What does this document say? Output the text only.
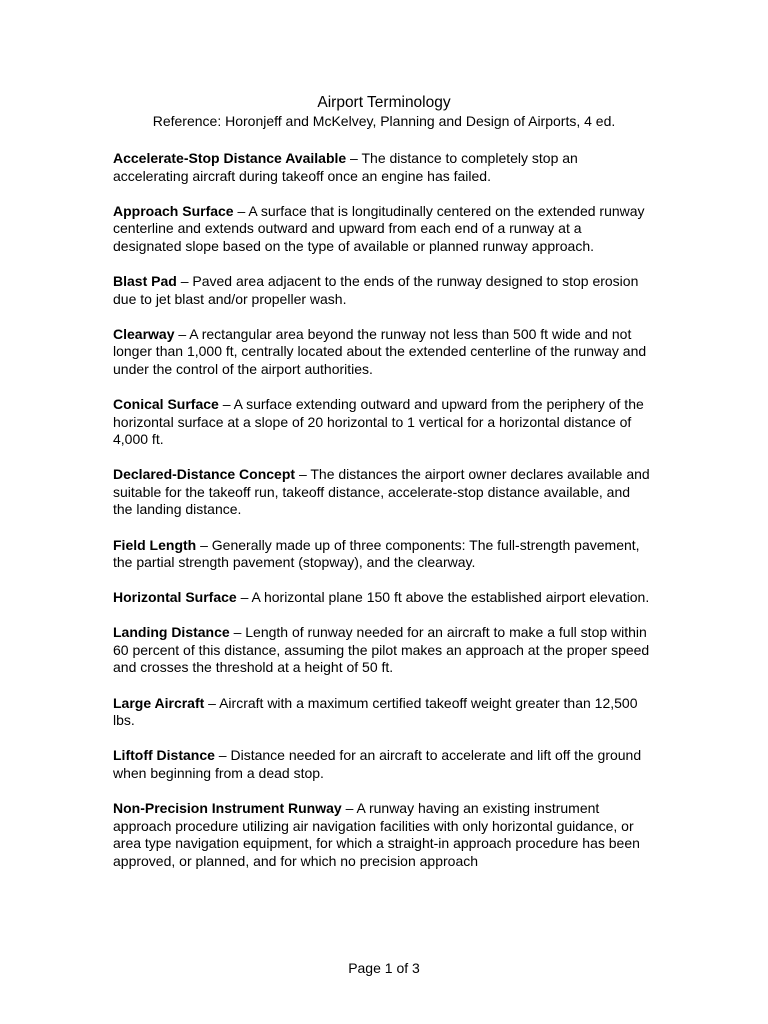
Airport Terminology
Reference: Horonjeff and McKelvey, Planning and Design of Airports, 4 ed.

Accelerate-Stop Distance Available – The distance to completely stop an accelerating aircraft during takeoff once an engine has failed.

Approach Surface – A surface that is longitudinally centered on the extended runway centerline and extends outward and upward from each end of a runway at a designated slope based on the type of available or planned runway approach.

Blast Pad – Paved area adjacent to the ends of the runway designed to stop erosion due to jet blast and/or propeller wash.

Clearway – A rectangular area beyond the runway not less than 500 ft wide and not longer than 1,000 ft, centrally located about the extended centerline of the runway and under the control of the airport authorities.

Conical Surface – A surface extending outward and upward from the periphery of the horizontal surface at a slope of 20 horizontal to 1 vertical for a horizontal distance of 4,000 ft.

Declared-Distance Concept – The distances the airport owner declares available and suitable for the takeoff run, takeoff distance, accelerate-stop distance available, and the landing distance.

Field Length – Generally made up of three components: The full-strength pavement, the partial strength pavement (stopway), and the clearway.

Horizontal Surface – A horizontal plane 150 ft above the established airport elevation.

Landing Distance – Length of runway needed for an aircraft to make a full stop within 60 percent of this distance, assuming the pilot makes an approach at the proper speed and crosses the threshold at a height of 50 ft.

Large Aircraft – Aircraft with a maximum certified takeoff weight greater than 12,500 lbs.

Liftoff Distance – Distance needed for an aircraft to accelerate and lift off the ground when beginning from a dead stop.

Non-Precision Instrument Runway – A runway having an existing instrument approach procedure utilizing air navigation facilities with only horizontal guidance, or area type navigation equipment, for which a straight-in approach procedure has been approved, or planned, and for which no precision approach

Page 1 of 3
